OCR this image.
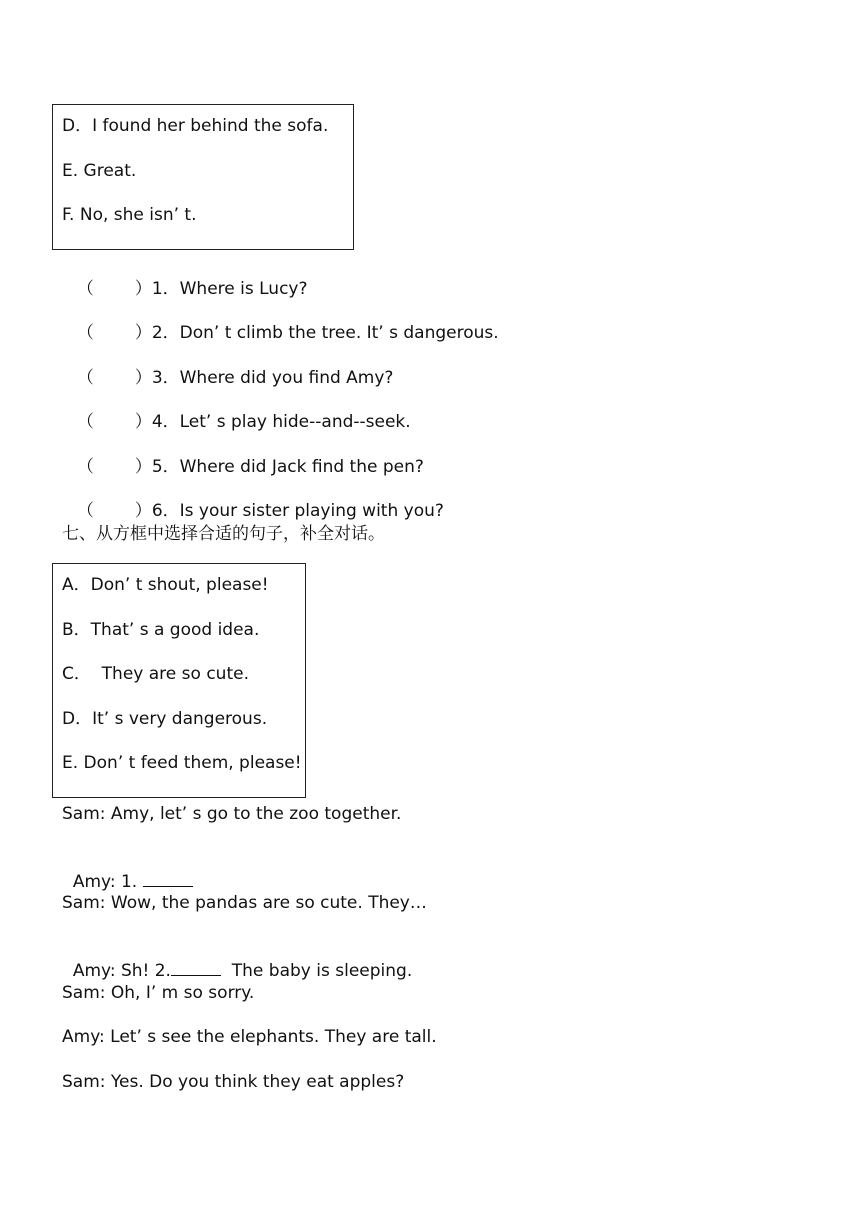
D．I found her behind the sofa.
E. Great.
F. No, she isn’ t.

（ ）1．Where is Lucy?

（ ）2．Don’ t climb the tree. It’ s dangerous.

（ ）3．Where did you find Amy?

（ ）4．Let’ s play hide--and--seek.

（ ）5．Where did Jack find the pen?

（ ）6．Is your sister playing with you?

七、从方框中选择合适的句子，补全对话。
A．Don’ t shout, please!
B．That’ s a good idea.
C．  They are so cute.
D．It’ s very dangerous.
E. Don’ t feed them, please!
Sam: Amy, let’ s go to the zoo together.

Amy: 1.

Sam: Wow, the pandas are so cute. They…

Amy: Sh! 2.	The baby is sleeping.

Sam: Oh, I’ m so sorry.
Amy: Let’ s see the elephants. They are tall.
Sam: Yes. Do you think they eat apples?
